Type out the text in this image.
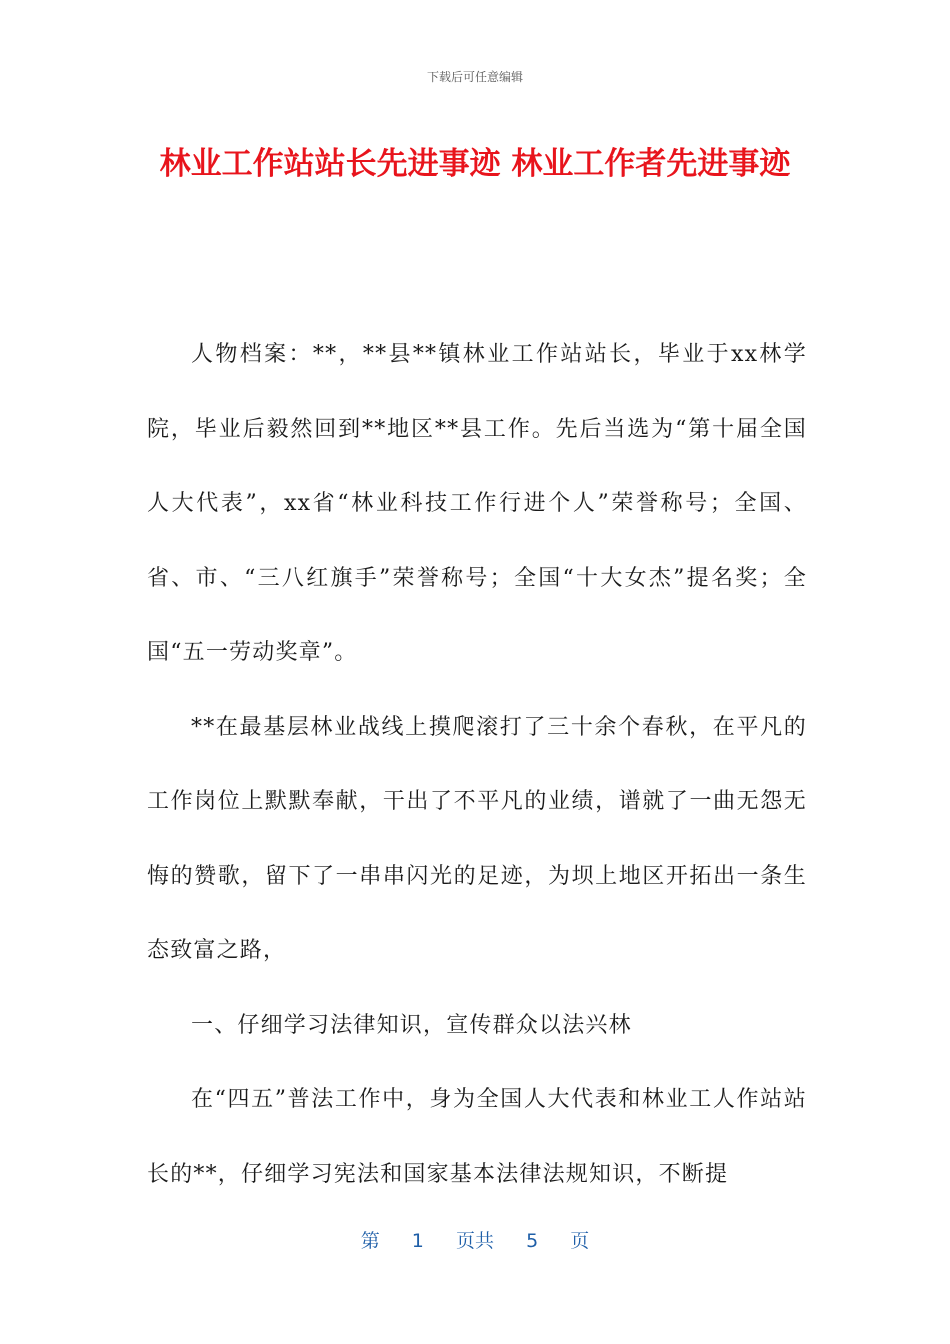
下载后可任意编辑
林业工作站站长先进事迹 林业工作者先进事迹

人物档案：**，**县**镇林业工作站站长，毕业于xx林学院，毕业后毅然回到**地区**县工作。先后当选为“第十届全国人大代表”，xx省“林业科技工作行进个人”荣誉称号；全国、省、市、“三八红旗手”荣誉称号；全国“十大女杰”提名奖；全国“五一劳动奖章”。

**在最基层林业战线上摸爬滚打了三十余个春秋，在平凡的工作岗位上默默奉献，干出了不平凡的业绩，谱就了一曲无怨无悔的赞歌，留下了一串串闪光的足迹，为坝上地区开拓出一条生态致富之路，

一、仔细学习法律知识，宣传群众以法兴林

在“四五”普法工作中，身为全国人大代表和林业工人作站站长的**，仔细学习宪法和国家基本法律法规知识，不断提

第 1 页共 5 页
